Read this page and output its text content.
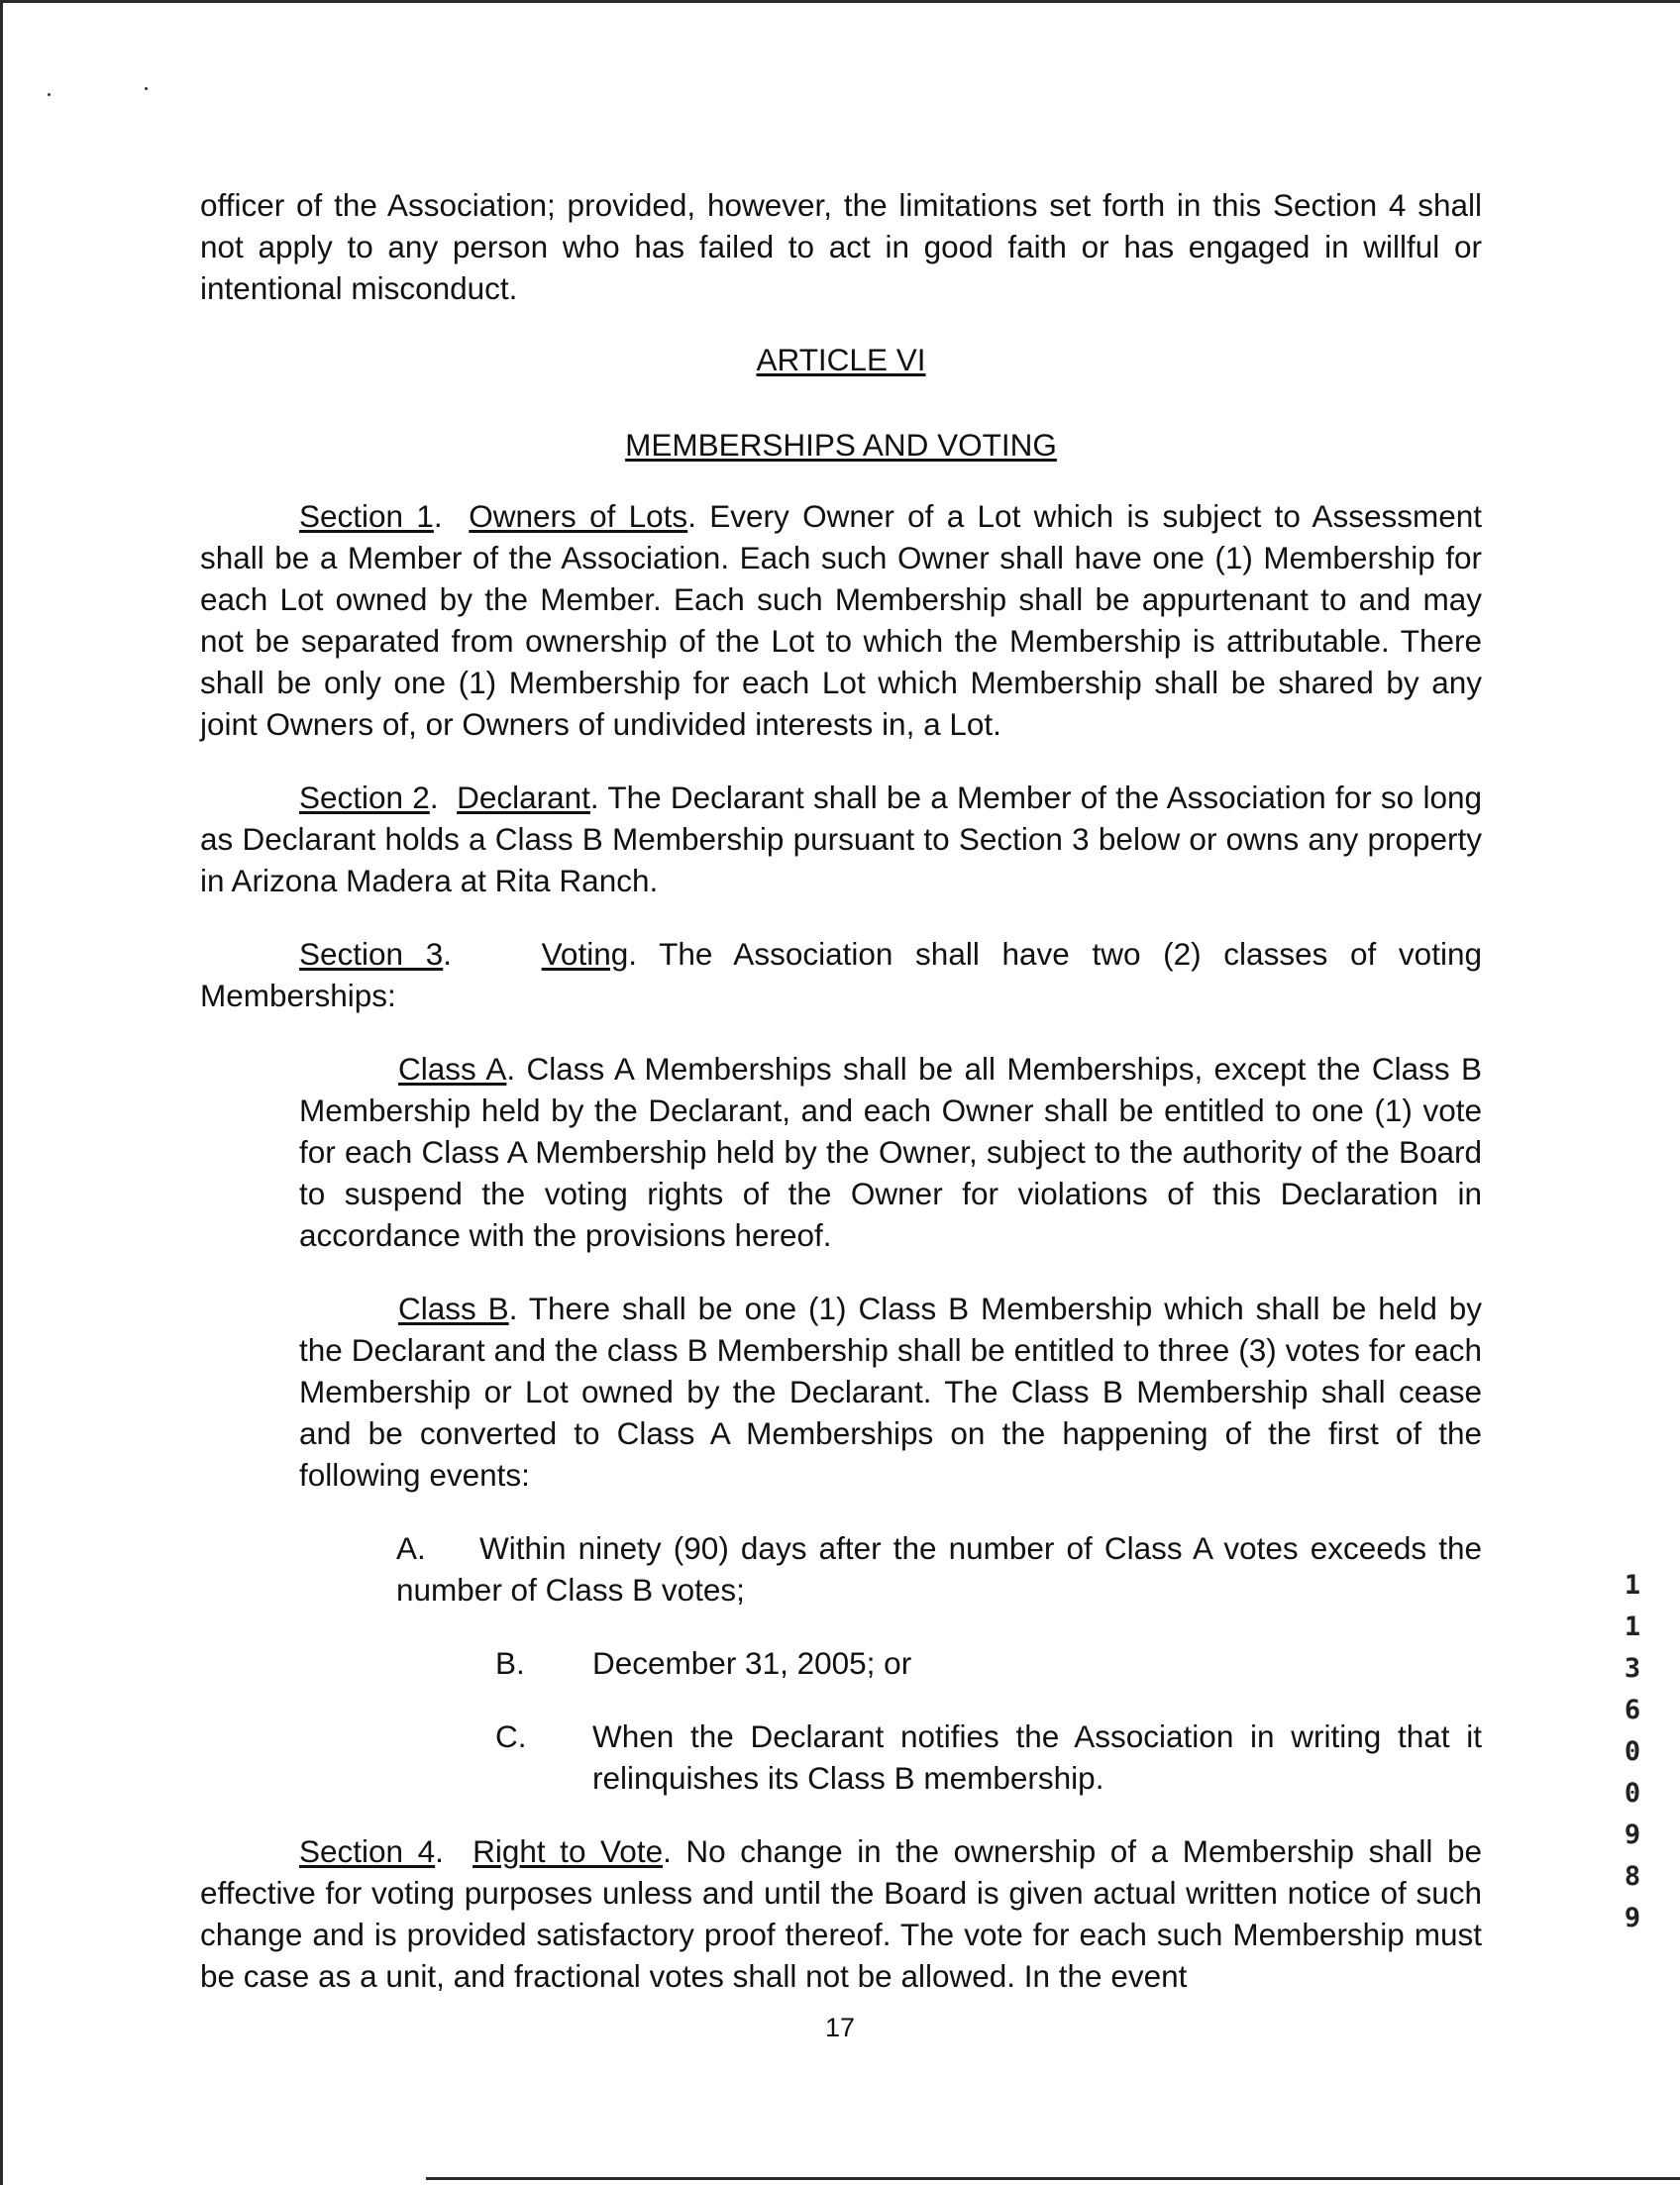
officer of the Association; provided, however, the limitations set forth in this Section 4 shall not apply to any person who has failed to act in good faith or has engaged in willful or intentional misconduct.

ARTICLE VI

MEMBERSHIPS AND VOTING

Section 1.  Owners of Lots. Every Owner of a Lot which is subject to Assessment shall be a Member of the Association. Each such Owner shall have one (1) Membership for each Lot owned by the Member. Each such Membership shall be appurtenant to and may not be separated from ownership of the Lot to which the Membership is attributable. There shall be only one (1) Membership for each Lot which Membership shall be shared by any joint Owners of, or Owners of undivided interests in, a Lot.

Section 2.  Declarant. The Declarant shall be a Member of the Association for so long as Declarant holds a Class B Membership pursuant to Section 3 below or owns any property in Arizona Madera at Rita Ranch.

Section 3.    Voting. The Association shall have two (2) classes of voting Memberships:

Class A. Class A Memberships shall be all Memberships, except the Class B Membership held by the Declarant, and each Owner shall be entitled to one (1) vote for each Class A Membership held by the Owner, subject to the authority of the Board to suspend the voting rights of the Owner for violations of this Declaration in accordance with the provisions hereof.

Class B. There shall be one (1) Class B Membership which shall be held by the Declarant and the class B Membership shall be entitled to three (3) votes for each Membership or Lot owned by the Declarant. The Class B Membership shall cease and be converted to Class A Memberships on the happening of the first of the following events:

A. Within ninety (90) days after the number of Class A votes exceeds the number of Class B votes;

B.	December 31, 2005; or
C.	When the Declarant notifies the Association in writing that it relinquishes its Class B membership.

Section 4.  Right to Vote. No change in the ownership of a Membership shall be effective for voting purposes unless and until the Board is given actual written notice of such change and is provided satisfactory proof thereof. The vote for each such Membership must be case as a unit, and fractional votes shall not be allowed. In the event

17
1
1
3
6
0
0
9
8
9
